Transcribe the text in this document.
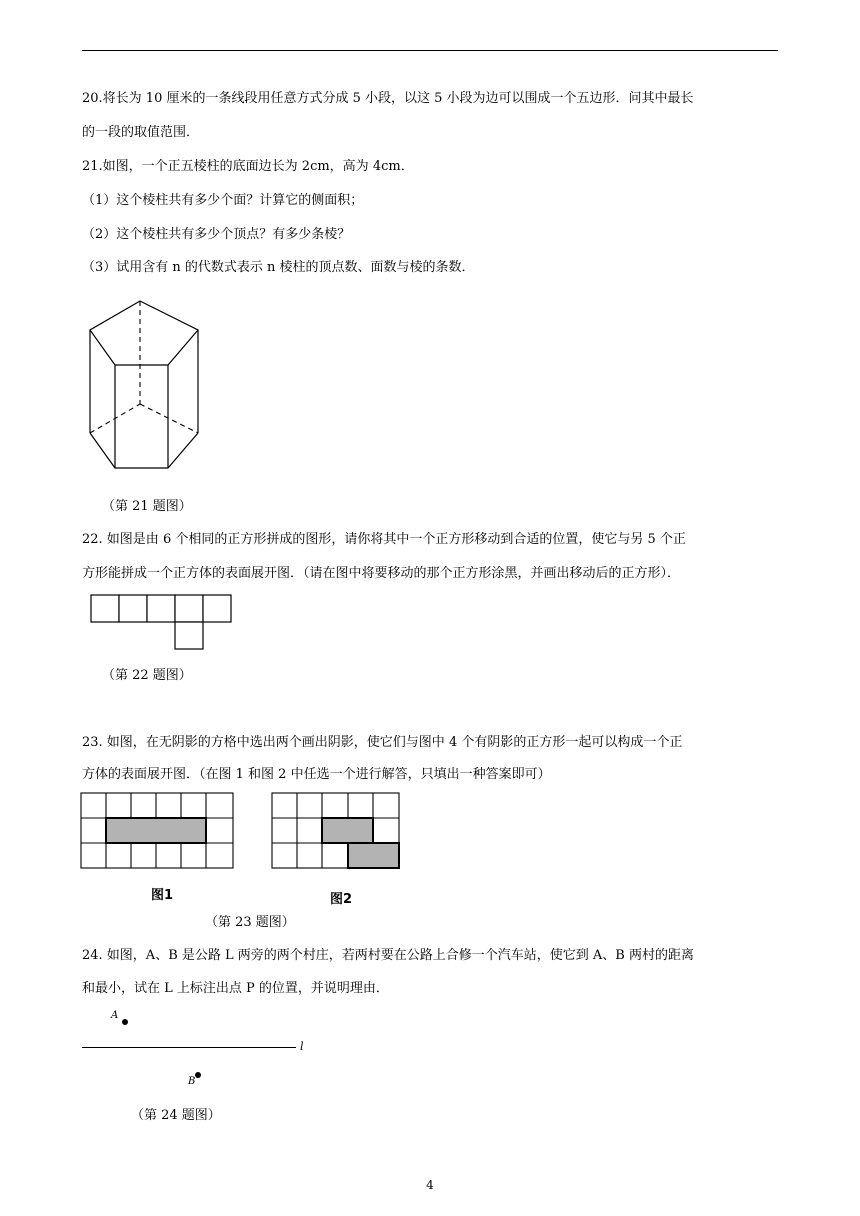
20.将长为 10 厘米的一条线段用任意方式分成 5 小段，以这 5 小段为边可以围成一个五边形．问其中最长
的一段的取值范围．
21.如图，一个正五棱柱的底面边长为 2cm，高为 4cm．
（1）这个棱柱共有多少个面？计算它的侧面积；
（2）这个棱柱共有多少个顶点？有多少条棱？
（3）试用含有 n 的代数式表示 n 棱柱的顶点数、面数与棱的条数．
（第 21 题图）
22. 如图是由 6 个相同的正方形拼成的图形，请你将其中一个正方形移动到合适的位置，使它与另 5 个正
方形能拼成一个正方体的表面展开图．（请在图中将要移动的那个正方形涂黑，并画出移动后的正方形）．
（第 22 题图）
23. 如图，在无阴影的方格中选出两个画出阴影，使它们与图中 4 个有阴影的正方形一起可以构成一个正
方体的表面展开图．（在图 1 和图 2 中任选一个进行解答，只填出一种答案即可）
图1	图2
（第 23 题图）
24. 如图，A、B 是公路 L 两旁的两个村庄，若两村要在公路上合修一个汽车站，使它到 A、B 两村的距离
和最小，试在 L 上标注出点 P 的位置，并说明理由．
A
l
B
（第 24 题图）
4
